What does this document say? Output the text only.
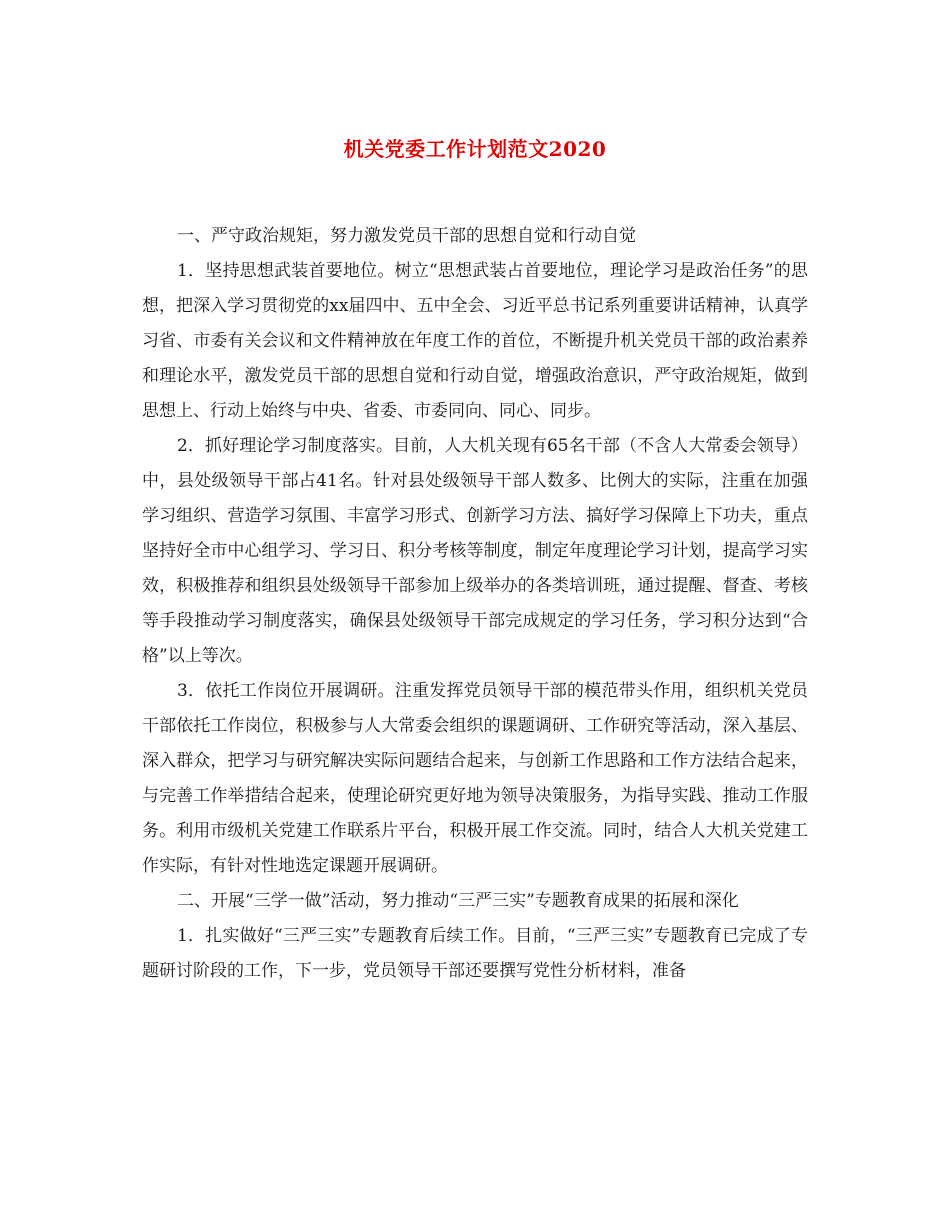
机关党委工作计划范文2020

一、严守政治规矩，努力激发党员干部的思想自觉和行动自觉

1．坚持思想武装首要地位。树立“思想武装占首要地位，理论学习是政治任务”的思想，把深入学习贯彻党的xx届四中、五中全会、习近平总书记系列重要讲话精神，认真学习省、市委有关会议和文件精神放在年度工作的首位，不断提升机关党员干部的政治素养和理论水平，激发党员干部的思想自觉和行动自觉，增强政治意识，严守政治规矩，做到思想上、行动上始终与中央、省委、市委同向、同心、同步。

2．抓好理论学习制度落实。目前，人大机关现有65名干部（不含人大常委会领导）中，县处级领导干部占41名。针对县处级领导干部人数多、比例大的实际，注重在加强学习组织、营造学习氛围、丰富学习形式、创新学习方法、搞好学习保障上下功夫，重点坚持好全市中心组学习、学习日、积分考核等制度，制定年度理论学习计划，提高学习实效，积极推荐和组织县处级领导干部参加上级举办的各类培训班，通过提醒、督查、考核等手段推动学习制度落实，确保县处级领导干部完成规定的学习任务，学习积分达到“合格”以上等次。

3．依托工作岗位开展调研。注重发挥党员领导干部的模范带头作用，组织机关党员干部依托工作岗位，积极参与人大常委会组织的课题调研、工作研究等活动，深入基层、深入群众，把学习与研究解决实际问题结合起来，与创新工作思路和工作方法结合起来，与完善工作举措结合起来，使理论研究更好地为领导决策服务，为指导实践、推动工作服务。利用市级机关党建工作联系片平台，积极开展工作交流。同时，结合人大机关党建工作实际，有针对性地选定课题开展调研。

二、开展“三学一做”活动，努力推动“三严三实”专题教育成果的拓展和深化

1．扎实做好“三严三实”专题教育后续工作。目前，“三严三实”专题教育已完成了专题研讨阶段的工作，下一步，党员领导干部还要撰写党性分析材料，准备
